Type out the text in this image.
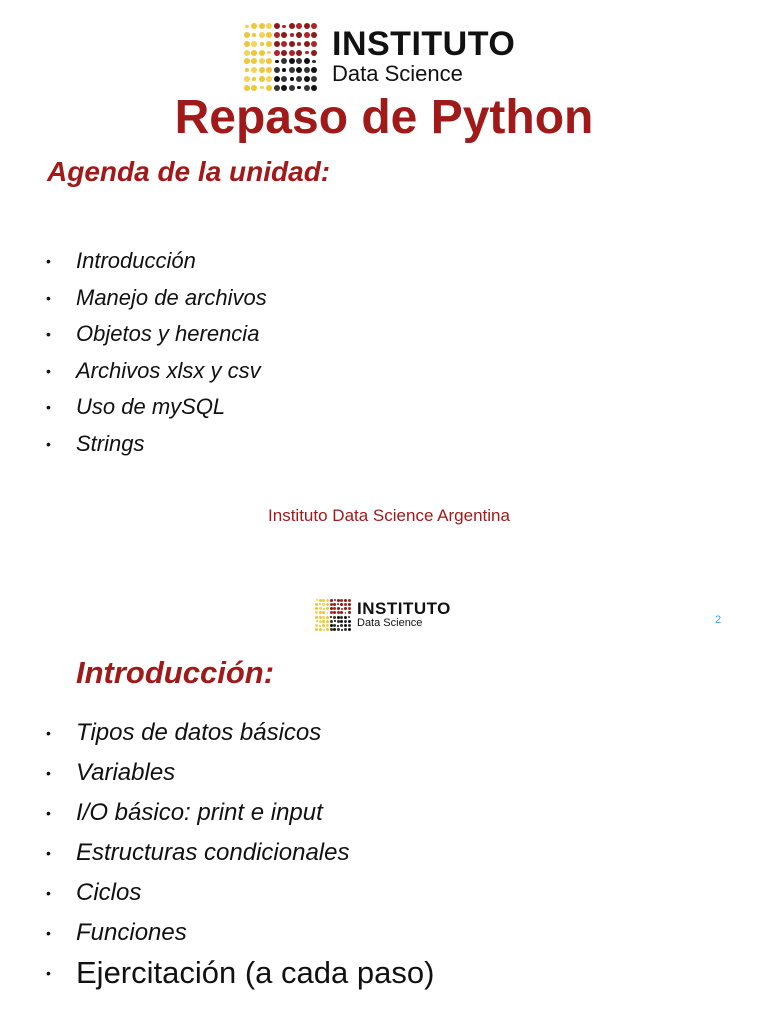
INSTITUTO
Data Science
Repaso de Python
Agenda de la unidad:
• Introducción
• Manejo de archivos
• Objetos y herencia
• Archivos xlsx y csv
• Uso de mySQL
• Strings
Instituto Data Science Argentina
INSTITUTO
Data Science	2
Introducción:
• Tipos de datos básicos
• Variables
• I/O básico: print e input
• Estructuras condicionales
• Ciclos
• Funciones
• Ejercitación (a cada paso)
